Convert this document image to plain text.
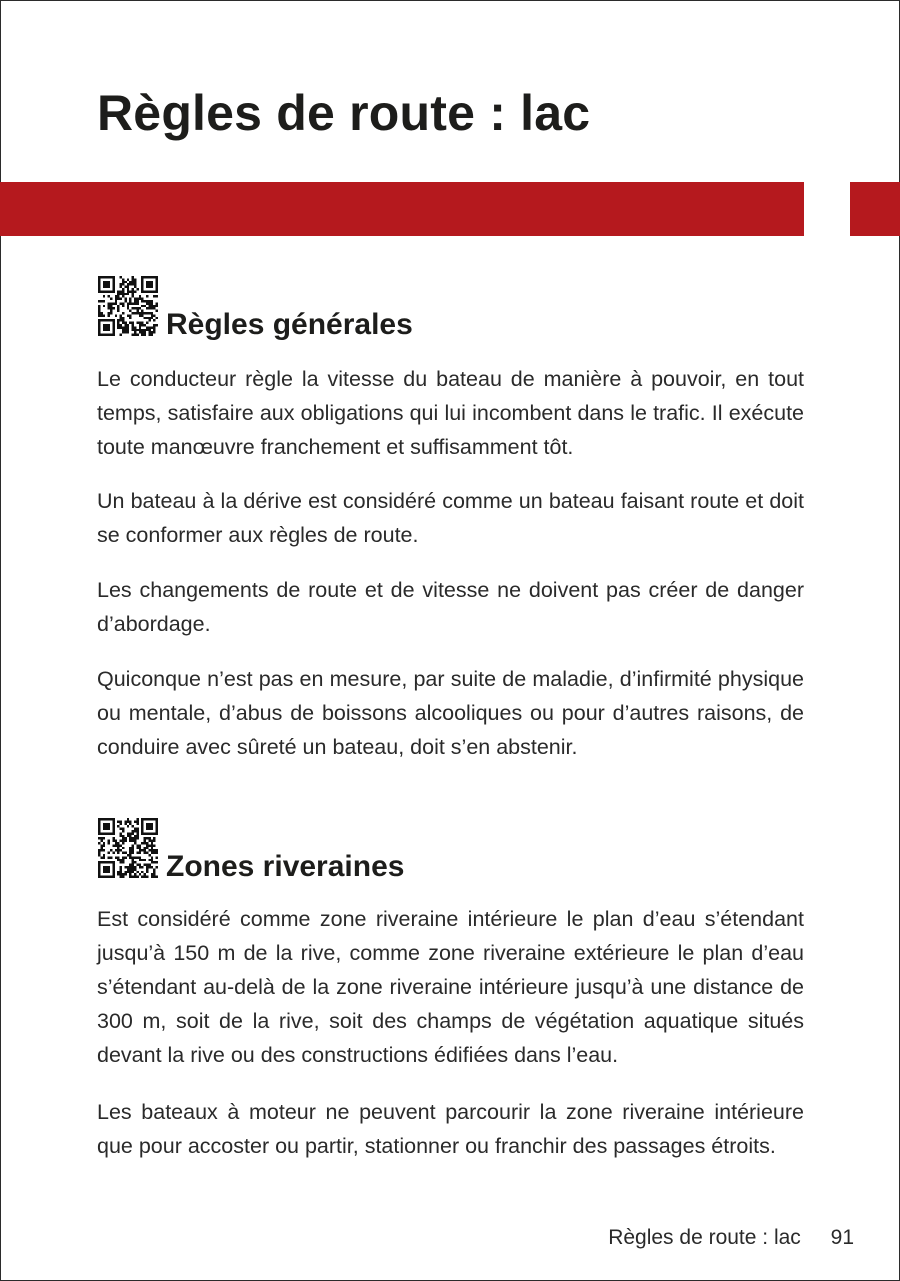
Règles de route : lac
Règles générales

Le conducteur règle la vitesse du bateau de manière à pouvoir, en tout temps, satisfaire aux obligations qui lui incombent dans le trafic. Il exécute toute manœuvre franchement et suffisamment tôt.

Un bateau à la dérive est considéré comme un bateau faisant route et doit se conformer aux règles de route.

Les changements de route et de vitesse ne doivent pas créer de danger d’abordage.

Quiconque n’est pas en mesure, par suite de maladie, d’infirmité physique ou mentale, d’abus de boissons alcooliques ou pour d’autres raisons, de conduire avec sûreté un bateau, doit s’en abstenir.

Zones riveraines

Est considéré comme zone riveraine intérieure le plan d’eau s’étendant jusqu’à 150 m de la rive, comme zone riveraine extérieure le plan d’eau s’étendant au-delà de la zone riveraine intérieure jusqu’à une distance de 300 m, soit de la rive, soit des champs de végétation aquatique situés devant la rive ou des constructions édifiées dans l’eau.

Les bateaux à moteur ne peuvent parcourir la zone riveraine intérieure que pour accoster ou partir, stationner ou franchir des passages étroits.

Règles de route : lac 91
